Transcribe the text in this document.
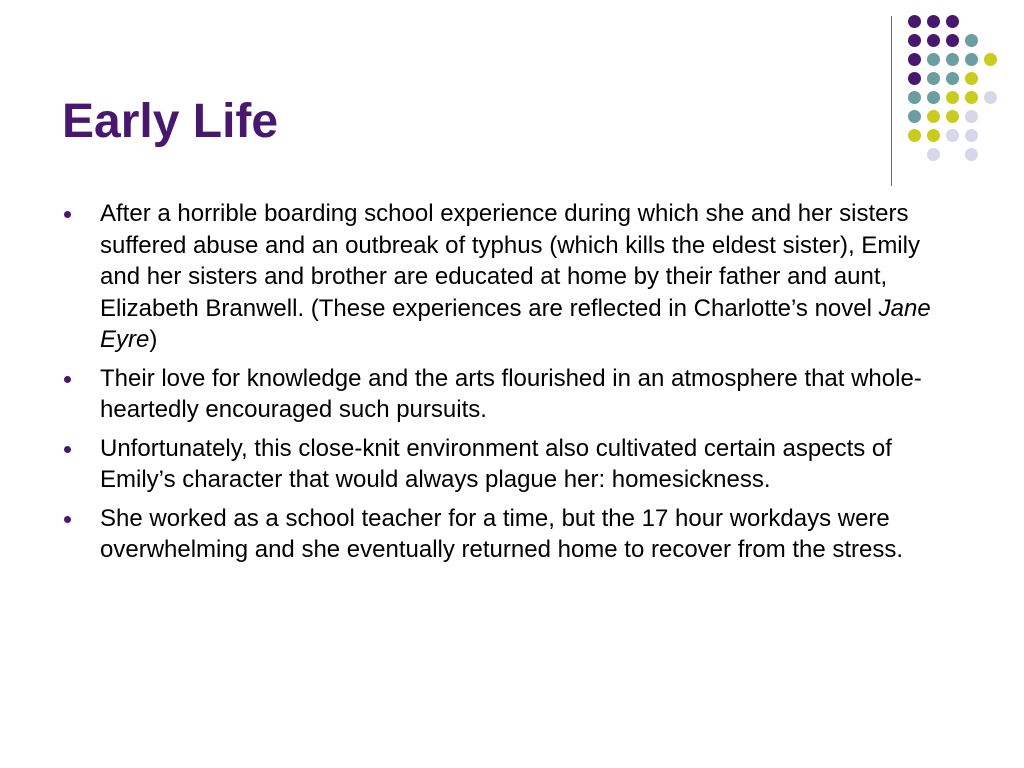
Early Life
After a horrible boarding school experience during which she and her sisters suffered abuse and an outbreak of typhus (which kills the eldest sister), Emily and her sisters and brother are educated at home by their father and aunt, Elizabeth Branwell. (These experiences are reflected in Charlotte’s novel Jane Eyre)
Their love for knowledge and the arts flourished in an atmosphere that whole-heartedly encouraged such pursuits.
Unfortunately, this close-knit environment also cultivated certain aspects of Emily’s character that would always plague her: homesickness.
She worked as a school teacher for a time, but the 17 hour workdays were overwhelming and she eventually returned home to recover from the stress.
